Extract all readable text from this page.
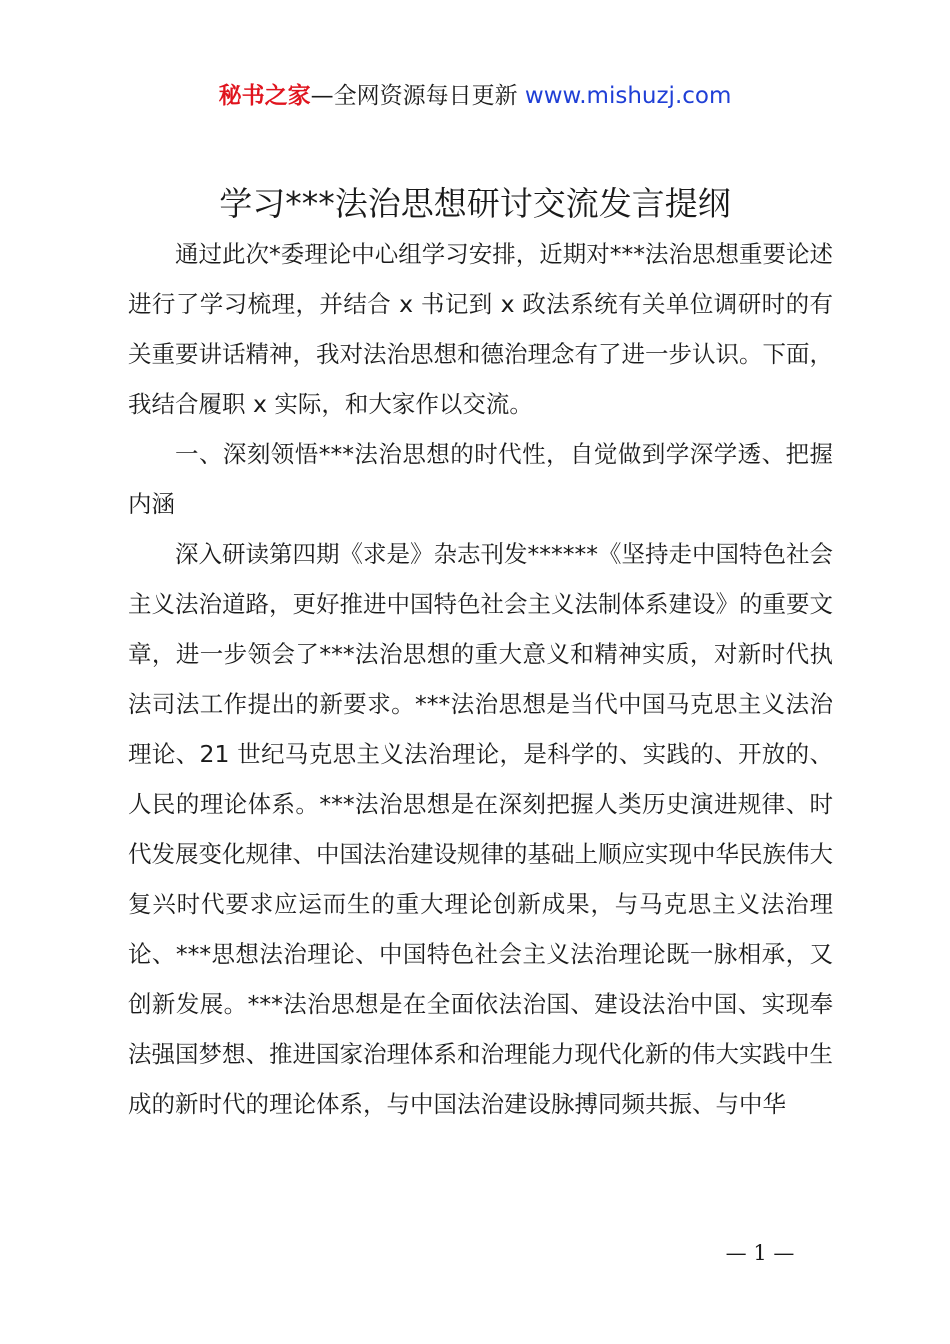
秘书之家—全网资源每日更新 www.mishuzj.com
学习***法治思想研讨交流发言提纲

通过此次*委理论中心组学习安排，近期对***法治思想重要论述进行了学习梳理，并结合 x 书记到 x 政法系统有关单位调研时的有关重要讲话精神，我对法治思想和德治理念有了进一步认识。下面，我结合履职 x 实际，和大家作以交流。

一、深刻领悟***法治思想的时代性，自觉做到学深学透、把握内涵

深入研读第四期《求是》杂志刊发******《坚持走中国特色社会主义法治道路，更好推进中国特色社会主义法制体系建设》的重要文章，进一步领会了***法治思想的重大意义和精神实质，对新时代执法司法工作提出的新要求。***法治思想是当代中国马克思主义法治理论、21 世纪马克思主义法治理论，是科学的、实践的、开放的、人民的理论体系。***法治思想是在深刻把握人类历史演进规律、时代发展变化规律、中国法治建设规律的基础上顺应实现中华民族伟大复兴时代要求应运而生的重大理论创新成果，与马克思主义法治理论、***思想法治理论、中国特色社会主义法治理论既一脉相承，又创新发展。***法治思想是在全面依法治国、建设法治中国、实现奉法强国梦想、推进国家治理体系和治理能力现代化新的伟大实践中生成的新时代的理论体系，与中国法治建设脉搏同频共振、与中华

— 1 —
